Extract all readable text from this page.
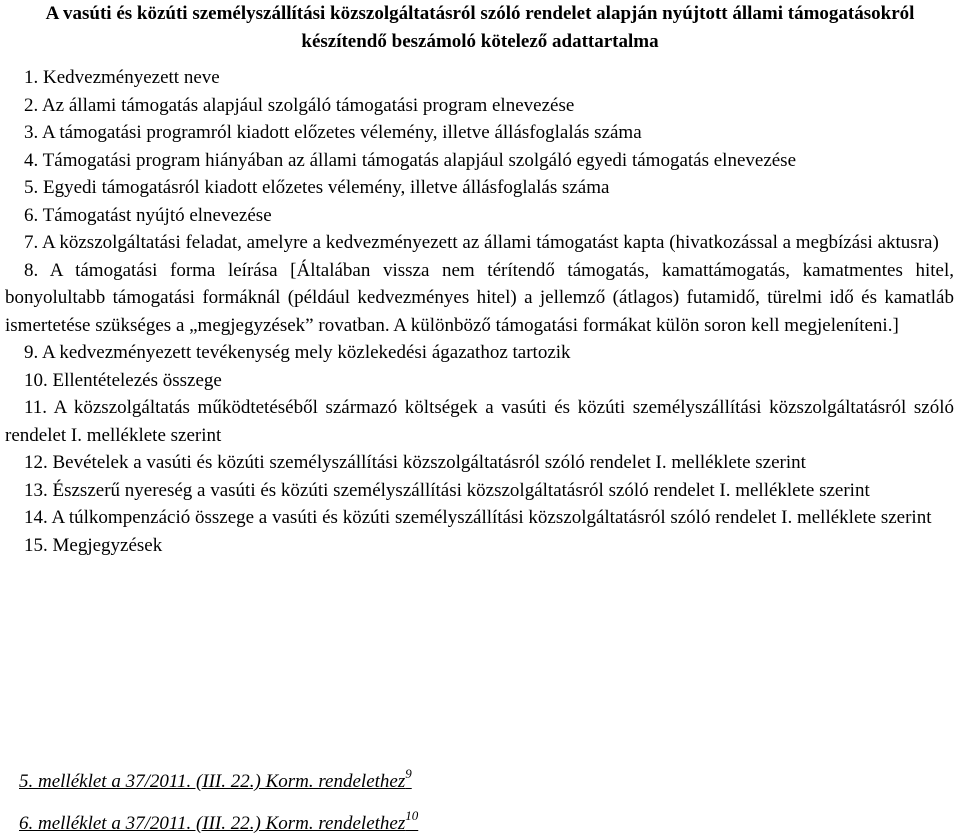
A vasúti és közúti személyszállítási közszolgáltatásról szóló rendelet alapján nyújtott állami támogatásokról készítendő beszámoló kötelező adattartalma
1. Kedvezményezett neve
2. Az állami támogatás alapjául szolgáló támogatási program elnevezése
3. A támogatási programról kiadott előzetes vélemény, illetve állásfoglalás száma
4. Támogatási program hiányában az állami támogatás alapjául szolgáló egyedi támogatás elnevezése
5. Egyedi támogatásról kiadott előzetes vélemény, illetve állásfoglalás száma
6. Támogatást nyújtó elnevezése
7. A közszolgáltatási feladat, amelyre a kedvezményezett az állami támogatást kapta (hivatkozással a megbízási aktusra)
8. A támogatási forma leírása [Általában vissza nem térítendő támogatás, kamattámogatás, kamatmentes hitel, bonyolultabb támogatási formáknál (például kedvezményes hitel) a jellemző (átlagos) futamidő, türelmi idő és kamatláb ismertetése szükséges a „megjegyzések” rovatban. A különböző támogatási formákat külön soron kell megjeleníteni.]
9. A kedvezményezett tevékenység mely közlekedési ágazathoz tartozik
10. Ellentételezés összege
11. A közszolgáltatás működtetéséből származó költségek a vasúti és közúti személyszállítási közszolgáltatásról szóló rendelet I. melléklete szerint
12. Bevételek a vasúti és közúti személyszállítási közszolgáltatásról szóló rendelet I. melléklete szerint
13. Észszerű nyereség a vasúti és közúti személyszállítási közszolgáltatásról szóló rendelet I. melléklete szerint
14. A túlkompenzáció összege a vasúti és közúti személyszállítási közszolgáltatásról szóló rendelet I. melléklete szerint
15. Megjegyzések
5. melléklet a 37/2011. (III. 22.) Korm. rendelethez$^9$
6. melléklet a 37/2011. (III. 22.) Korm. rendelethez$^{10}$
